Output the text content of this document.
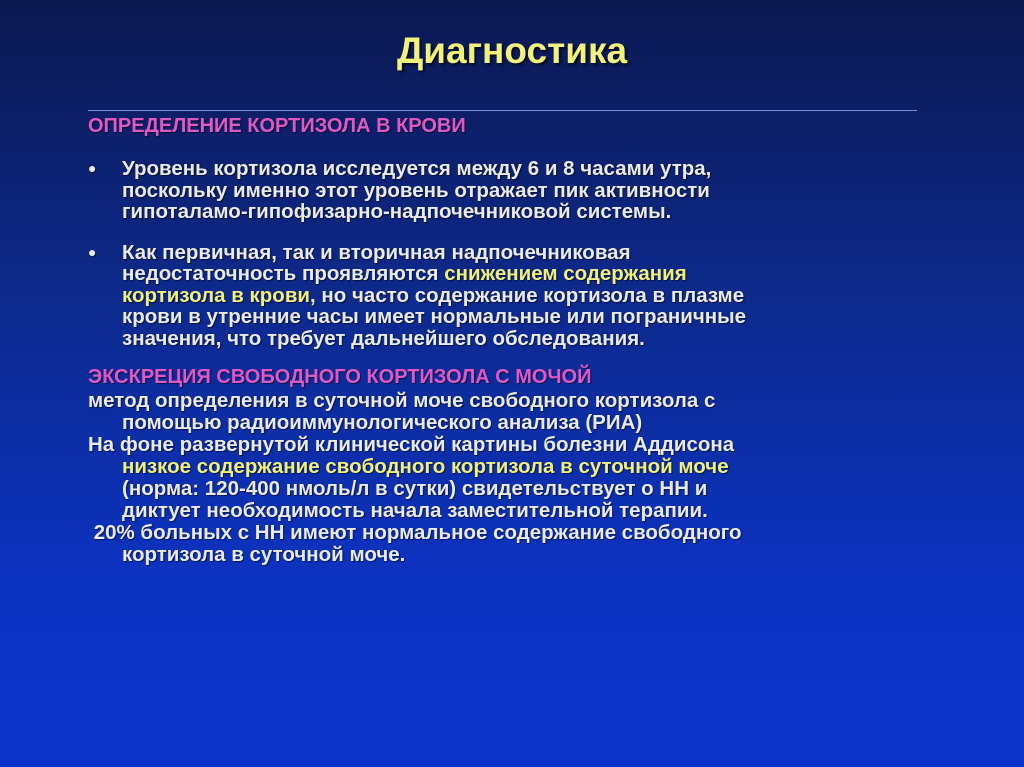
Диагностика
ОПРЕДЕЛЕНИЕ КОРТИЗОЛА В КРОВИ
● Уровень кортизола исследуется между 6 и 8 часами утра,
поскольку именно этот уровень отражает пик активности
гипоталамо-гипофизарно-надпочечниковой системы.
● Как первичная, так и вторичная надпочечниковая
недостаточность проявляются снижением содержания
кортизола в крови, но часто содержание кортизола в плазме
крови в утренние часы имеет нормальные или пограничные
значения, что требует дальнейшего обследования.
ЭКСКРЕЦИЯ СВОБОДНОГО КОРТИЗОЛА С МОЧОЙ
метод определения в суточной моче свободного кортизола с
помощью радиоиммунологического анализа (РИА)
На фоне развернутой клинической картины болезни Аддисона
низкое содержание свободного кортизола в суточной моче
(норма: 120-400 нмоль/л в сутки) свидетельствует о НН и
диктует необходимость начала заместительной терапии.
20% больных с НН имеют нормальное содержание свободного
кортизола в суточной моче.
